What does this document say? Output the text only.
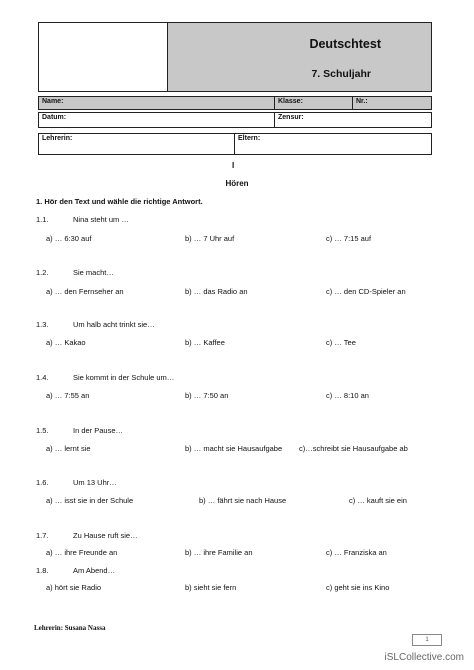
Deutschtest
7. Schuljahr
Name:	Klasse:	Nr.:
Datum:	Zensur:
Lehrerin:	Eltern:
I
Hören
1. Hör den Text und wähle die richtige Antwort.
1.1.	Nina steht um …
a) … 6:30 auf	b) … 7 Uhr auf	c) … 7:15 auf
1.2.	Sie macht…
a) … den Fernseher an	b) … das Radio an	c) … den CD-Spieler an
1.3.	Um halb acht trinkt sie…
a) … Kakao	b) … Kaffee	c) … Tee
1.4.	Sie kommt in der Schule um…
a) … 7:55 an	b) … 7:50 an	c) … 8:10 an
1.5.	In der Pause…
a) … lernt sie	b) … macht sie Hausaufgabe c)…schreibt sie Hausaufgabe ab
1.6.	Um 13 Uhr…
a) … isst sie in der Schule	b) … fährt sie nach Hause	c) … kauft sie ein
1.7.	Zu Hause ruft sie…
a) … ihre Freunde an	b) … ihre Familie an	c) … Franziska an
1.8.	Am Abend…
a) hört sie Radio	b) sieht sie fern	c) geht sie ins Kino
Lehrerin: Susana Nassa
1
iSLCollective.com
